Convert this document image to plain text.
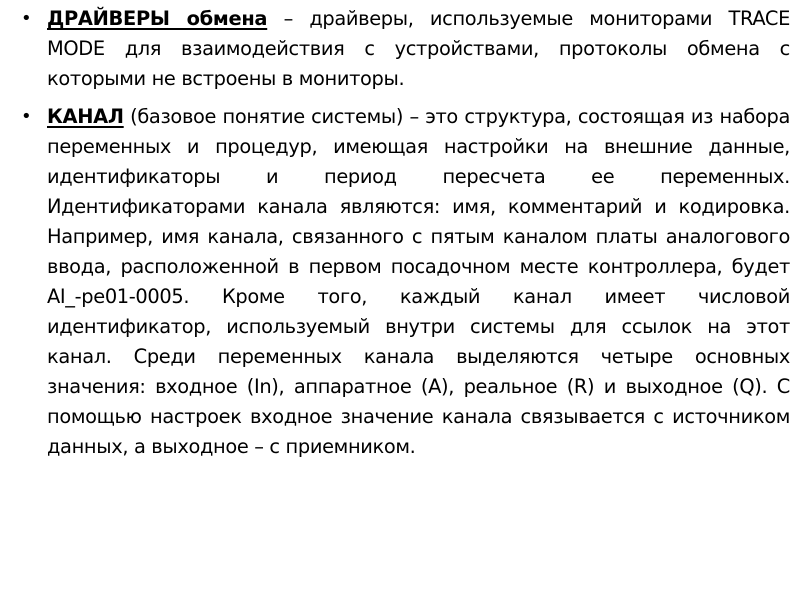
• ДРАЙВЕРЫ обмена – драйверы, используемые мониторами TRACE MODE для взаимодействия с устройствами, протоколы обмена с которыми не встроены в мониторы.
• КАНАЛ (базовое понятие системы) – это структура, состоящая из набора переменных и процедур, имеющая настройки на внешние данные, идентификаторы и период пересчета ее переменных. Идентификаторами канала являются: имя, комментарий и кодировка. Например, имя канала, связанного с пятым каналом платы аналогового ввода, расположенной в первом посадочном месте контроллера, будет AI_-pe01-0005. Кроме того, каждый канал имеет числовой идентификатор, используемый внутри системы для ссылок на этот канал. Среди переменных канала выделяются четыре основных значения: входное (In), аппаратное (A), реальное (R) и выходное (Q). С помощью настроек входное значение канала связывается с источником данных, а выходное – с приемником.
